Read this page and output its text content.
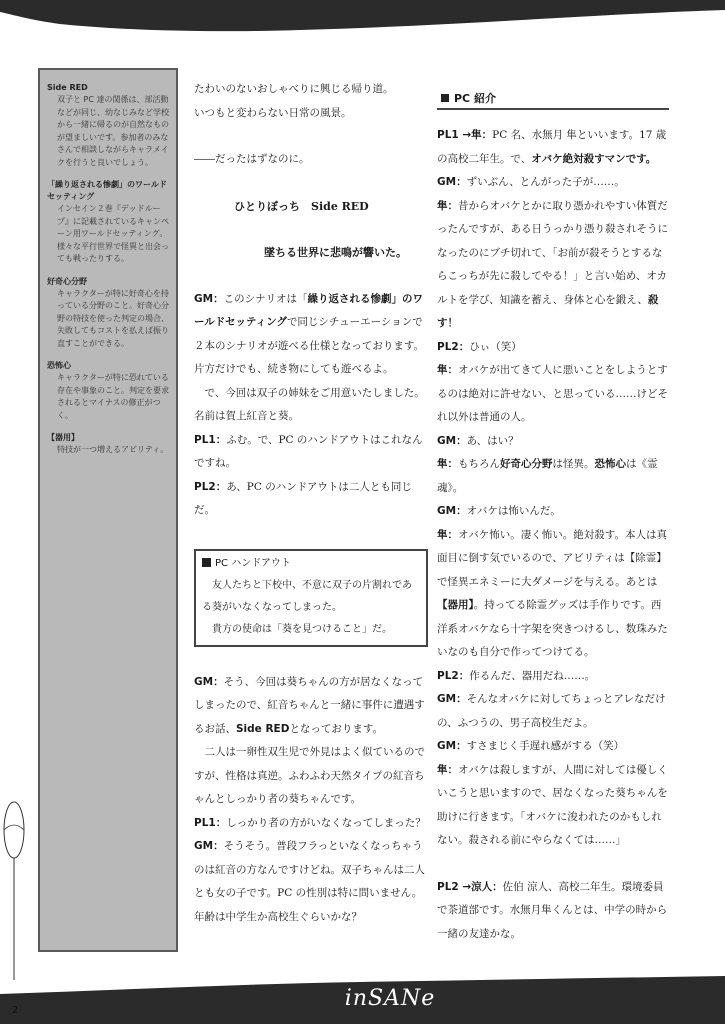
Side RED
双子と PC 達の関係は、部活動などが同じ、幼なじみなど学校から一緒に帰るのが自然なものが望ましいです。参加者のみなさんで相談しながらキャラメイクを行うと良いでしょう。
「繰り返される惨劇」のワールドセッティング
インセイン２巻『デッドループ』に記載されているキャンペーン用ワールドセッティング。様々な平行世界で怪異と出会っても戦ったりする。
好奇心分野
キャラクターが特に好奇心を持っている分野のこと。好奇心分野の特技を使った判定の場合、失敗してもコストを払えば振り直すことができる。
恐怖心
キャラクターが特に恐れている存在や事象のこと。判定を要求されるとマイナスの修正がつく。
【器用】
特技が一つ増えるアビリティ。

たわいのないおしゃべりに興じる帰り道。

いつもと変わらない日常の風景。

――だったはずなのに。

ひとりぼっち　Side RED

墜ちる世界に悲鳴が響いた。

GM：このシナリオは「繰り返される惨劇」のワールドセッティングで同じシチューエーションで２本のシナリオが遊べる仕様となっております。片方だけでも、続き物にしても遊べるよ。

で、今回は双子の姉妹をご用意いたしました。名前は賀上紅音と葵。

PL1：ふむ。で、PC のハンドアウトはこれなんですね。

PL2：あ、PC のハンドアウトは二人とも同じだ。

PC ハンドアウト

友人たちと下校中、不意に双子の片割れである葵がいなくなってしまった。

貴方の使命は「葵を見つけること」だ。

GM：そう、今回は葵ちゃんの方が居なくなってしまったので、紅音ちゃんと一緒に事件に遭遇するお話、Side REDとなっております。

二人は一卵性双生児で外見はよく似ているのですが、性格は真逆。ふわふわ天然タイプの紅音ちゃんとしっかり者の葵ちゃんです。

PL1：しっかり者の方がいなくなってしまった？

GM：そうそう。普段フラっといなくなっちゃうのは紅音の方なんですけどね。双子ちゃんは二人とも女の子です。PC の性別は特に問いません。年齢は中学生か高校生ぐらいかな？

PC 紹介

PL1 →隼：PC 名、水無月 隼といいます。17 歳の高校二年生。で、オバケ絶対殺すマンです。

GM：ずいぶん、とんがった子が……。

隼：昔からオバケとかに取り憑かれやすい体質だったんですが、ある日うっかり憑り殺されそうになったのにブチ切れて、「お前が殺そうとするならこっちが先に殺してやる！」と言い始め、オカルトを学び、知識を蓄え、身体と心を鍛え、殺す！

PL2：ひぃ（笑）

隼：オバケが出てきて人に悪いことをしようとするのは絶対に許せない、と思っている……けどそれ以外は普通の人。

GM：あ、はい？

隼：もちろん好奇心分野は怪異。恐怖心は《霊魂》。

GM：オバケは怖いんだ。

隼：オバケ怖い。凄く怖い。絶対殺す。本人は真面目に倒す気でいるので、アビリティは【除霊】で怪異エネミーに大ダメージを与える。あとは【器用】。持ってる除霊グッズは手作りです。西洋系オバケなら十字架を突きつけるし、数珠みたいなのも自分で作ってつけてる。

PL2：作るんだ、器用だね……。

GM：そんなオバケに対してちょっとアレなだけの、ふつうの、男子高校生だよ。

GM：すさまじく手遅れ感がする（笑）

隼：オバケは殺しますが、人間に対しては優しくいこうと思いますので、居なくなった葵ちゃんを助けに行きます。「オバケに浚われたのかもしれない。殺される前にやらなくては……」

PL2 →涼人：佐伯 涼人、高校二年生。環境委員で茶道部です。水無月隼くんとは、中学の時から一緒の友達かな。

inSANe
2
